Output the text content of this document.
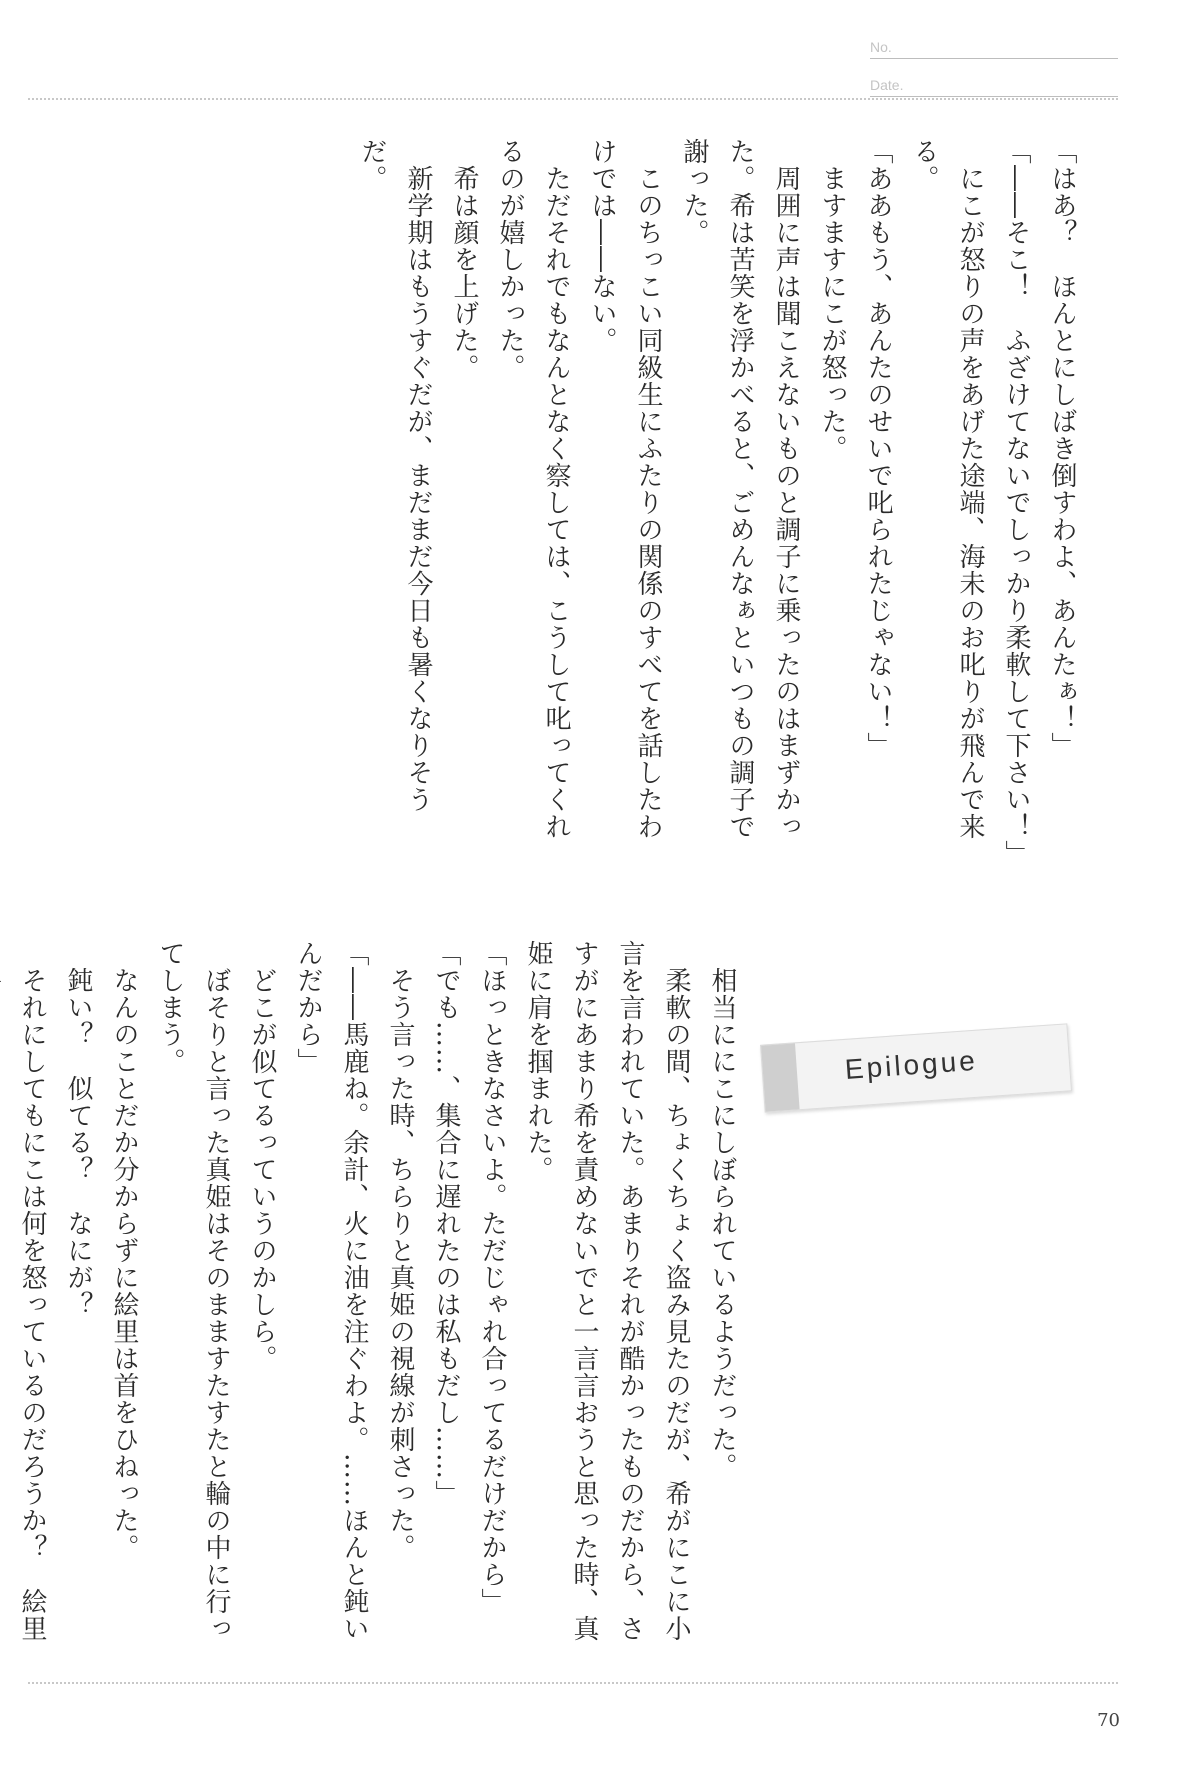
No.
Date.

「はあ？　ほんとにしばき倒すわよ、あんたぁ！」

「――そこ！　ふざけてないでしっかり柔軟して下さい！」

　にこが怒りの声をあげた途端、海未のお叱りが飛んで来る。

「ああもう、あんたのせいで叱られたじゃない！」

　ますますにこが怒った。

　周囲に声は聞こえないものと調子に乗ったのはまずかった。希は苦笑を浮かべると、ごめんなぁといつもの調子で謝った。

　このちっこい同級生にふたりの関係のすべてを話したわけでは――ない。

　ただそれでもなんとなく察しては、こうして叱ってくれるのが嬉しかった。

　希は顔を上げた。

　新学期はもうすぐだが、まだまだ今日も暑くなりそうだ。

Epilogue

　相当ににこにしぼられているようだった。

　柔軟の間、ちょくちょく盗み見たのだが、希がにこに小言を言われていた。あまりそれが酷かったものだから、さすがにあまり希を責めないでと一言言おうと思った時、真姫に肩を掴まれた。

「ほっときなさいよ。ただじゃれ合ってるだけだから」

「でも……、集合に遅れたのは私もだし……」

　そう言った時、ちらりと真姫の視線が刺さった。

「――馬鹿ね。余計、火に油を注ぐわよ。……ほんと鈍いんだから」

　どこが似てるっていうのかしら。

　ぼそりと言った真姫はそのまますたすたと輪の中に行ってしまう。

　なんのことだか分からずに絵里は首をひねった。

　鈍い？　似てる？　なにが？

　それにしてもにこは何を怒っているのだろうか？　絵里

70
